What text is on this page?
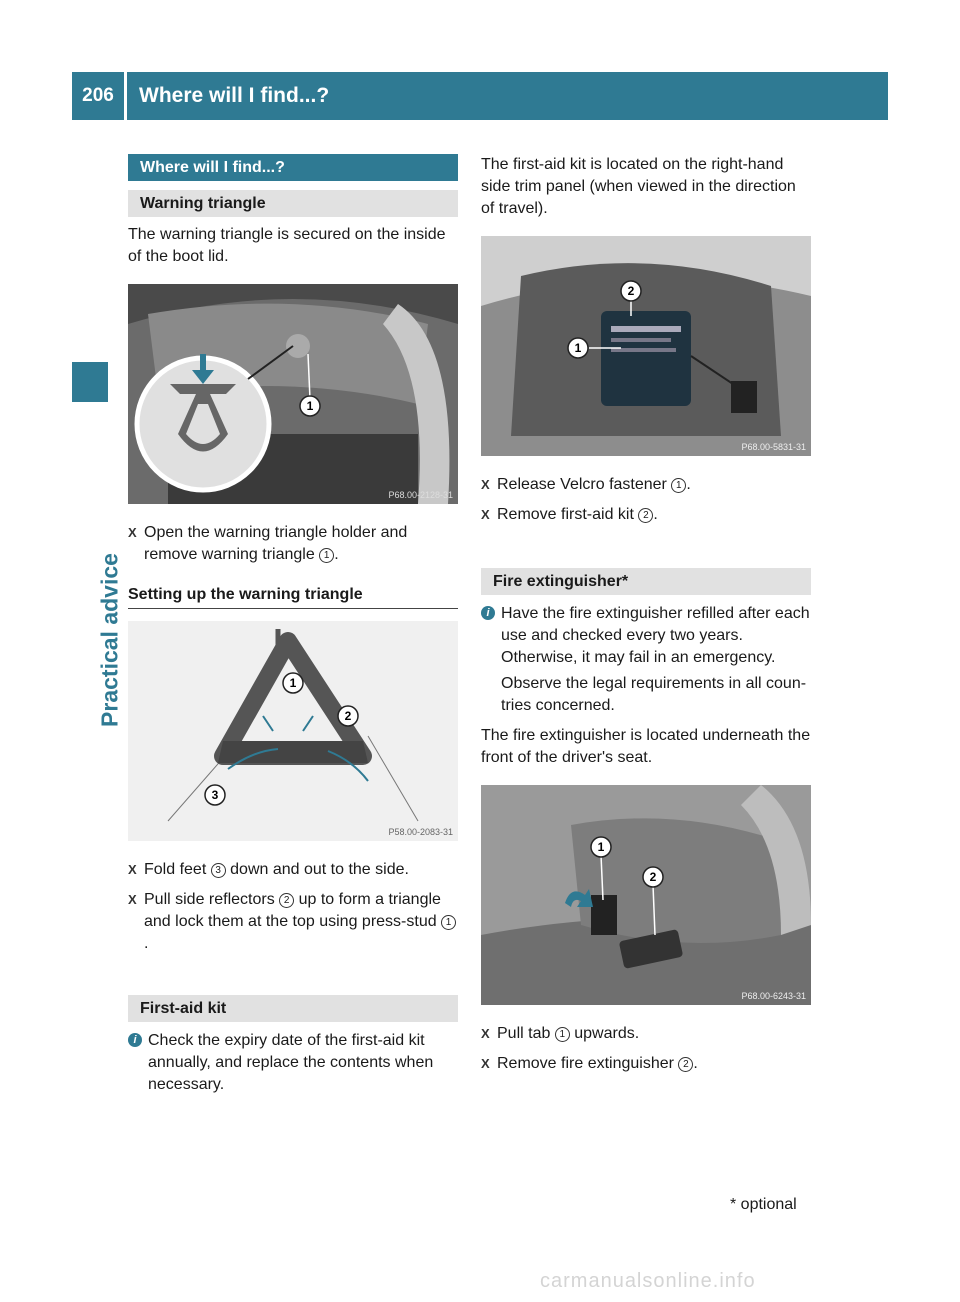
206	Where will I find...?
Practical advice
Where will I find...?
Warning triangle

The warning triangle is secured on the inside of the boot lid.

1
P68.00-2128-31
X Open the warning triangle holder and remove warning triangle 1 .

Setting up the warning triangle
1
2
3
P58.00-2083-31
X Fold feet 3 down and out to the side.

X Pull side reflectors 2 up to form a triangle and lock them at the top using press-stud 1.

First-aid kit
i Check the expiry date of the first-aid kit annually, and replace the contents when necessary.

The first-aid kit is located on the right-hand side trim panel (when viewed in the direction of travel).

2
1
P68.00-5831-31
X Release Velcro fastener 1 .

X Remove first-aid kit 2 .

Fire extinguisher*
i Have the fire extinguisher refilled after each use and checked every two years. Otherwise, it may fail in an emergency.

Observe the legal requirements in all coun-tries concerned.

The fire extinguisher is located underneath the front of the driver's seat.

1
2
P68.00-6243-31
X Pull tab 1 upwards.

X Remove fire extinguisher 2 .

* optional
carmanualsonline.info
